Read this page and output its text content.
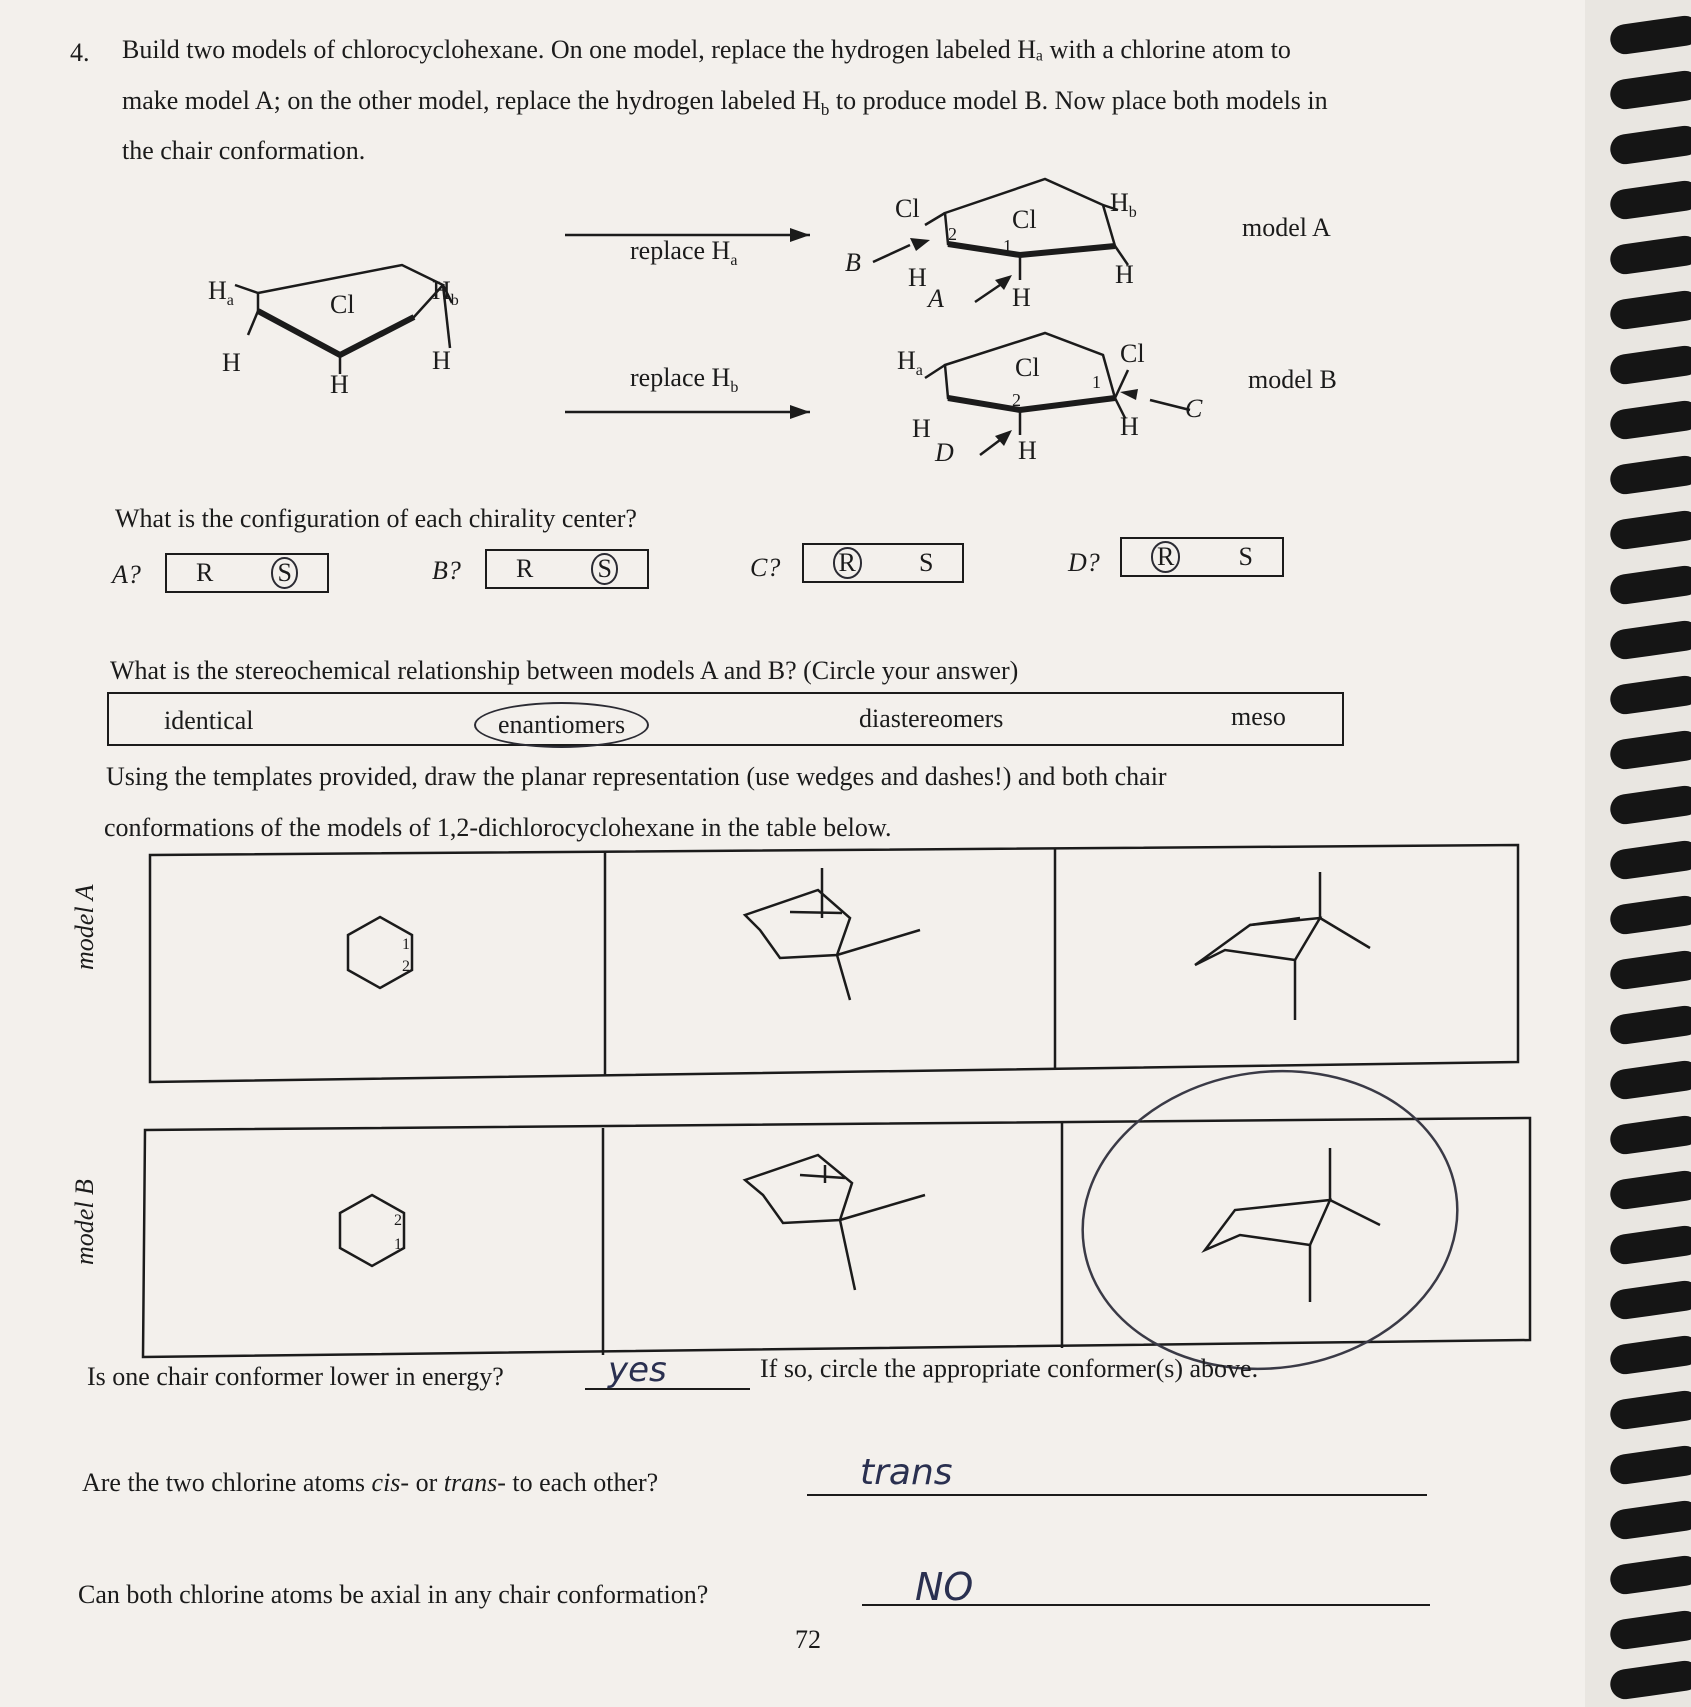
4. Build two models of chlorocyclohexane. On one model, replace the hydrogen labeled Hₐ with a chlorine atom to
make model A; on the other model, replace the hydrogen labeled $H_b$ to produce model B. Now place both models in
the chair conformation.
$H_a$	Cl	$H_b$
H
H
H
replace $H_a$
replace $H_b$
Cl	Cl
$H_b$
2
1
H
H
H
B
A
model A
$H_a$	Cl	Cl
2
1
H
H
H
C
D
model B
What is the configuration of each chirality center?
A? R S	B? R S	C? R S	D? R S
What is the stereochemical relationship between models A and B? (Circle your answer)
identical	enantiomers	diastereomers	meso
Using the templates provided, draw the planar representation (use wedges and dashes!) and both chair
conformations of the models of 1,2-dichlorocyclohexane in the table below.
1
2
2
1
model A
model B
Is one chair conformer lower in energy?	yes	If so, circle the appropriate conformer(s) above.
Are the two chlorine atoms cis- or trans- to each other?	trans
Can both chlorine atoms be axial in any chair conformation?	NO
72
